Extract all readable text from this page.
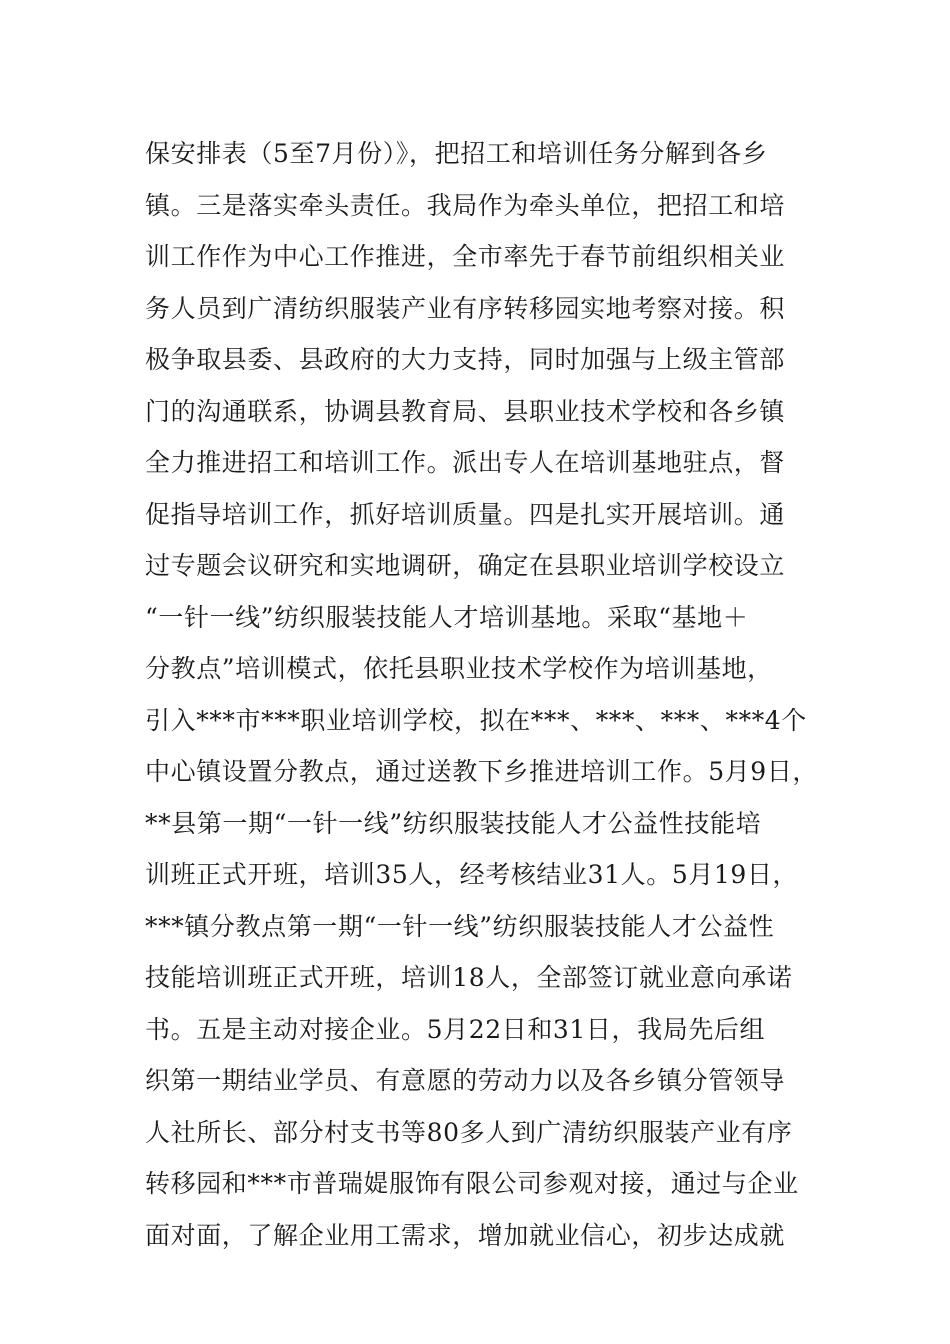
保安排表（5至7月份）》，把招工和培训任务分解到各乡
镇。三是落实牵头责任。我局作为牵头单位，把招工和培
训工作作为中心工作推进，全市率先于春节前组织相关业
务人员到广清纺织服装产业有序转移园实地考察对接。积
极争取县委、县政府的大力支持，同时加强与上级主管部
门的沟通联系，协调县教育局、县职业技术学校和各乡镇
全力推进招工和培训工作。派出专人在培训基地驻点，督
促指导培训工作，抓好培训质量。四是扎实开展培训。通
过专题会议研究和实地调研，确定在县职业培训学校设立
“一针一线”纺织服装技能人才培训基地。采取“基地＋
分教点”培训模式，依托县职业技术学校作为培训基地，
引入***市***职业培训学校，拟在***、***、***、***4个
中心镇设置分教点，通过送教下乡推进培训工作。5月9日，
**县第一期“一针一线”纺织服装技能人才公益性技能培
训班正式开班，培训35人，经考核结业31人。5月19日，
***镇分教点第一期“一针一线”纺织服装技能人才公益性
技能培训班正式开班，培训18人，全部签订就业意向承诺
书。五是主动对接企业。5月22日和31日，我局先后组
织第一期结业学员、有意愿的劳动力以及各乡镇分管领导
人社所长、部分村支书等80多人到广清纺织服装产业有序
转移园和***市普瑞媞服饰有限公司参观对接，通过与企业
面对面，了解企业用工需求，增加就业信心，初步达成就
